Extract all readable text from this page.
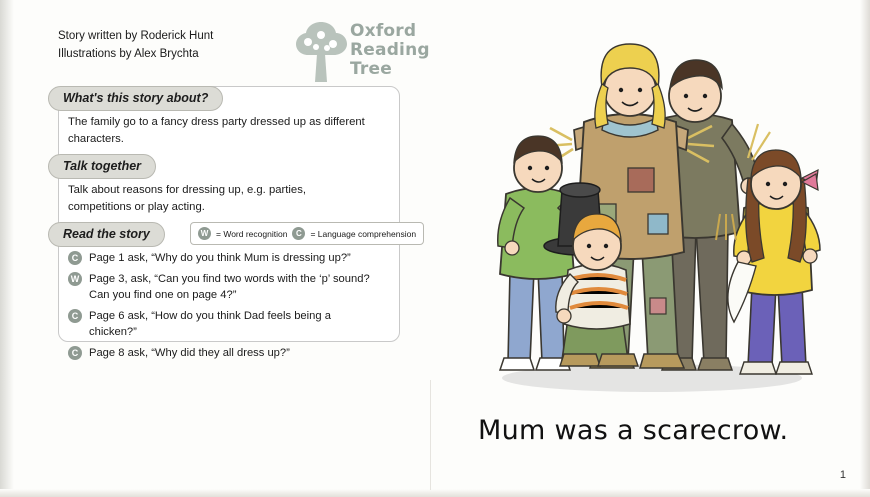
Story written by Roderick Hunt
Illustrations by Alex Brychta
Oxford
Reading
Tree
What's this story about?
The family go to a fancy dress party dressed up as different characters.
Talk together
Talk about reasons for dressing up, e.g. parties, competitions or play acting.
Read the story	W = Word recognition	C	= Language comprehension
C Page 1 ask, “Why do you think Mum is dressing up?”
W Page 3, ask, “Can you find two words with the ‘p’ sound? Can you find one on page 4?”
C Page 6 ask, “How do you think Dad feels being a chicken?”
C Page 8 ask, “Why did they all dress up?”
Mum was a scarecrow.
1
